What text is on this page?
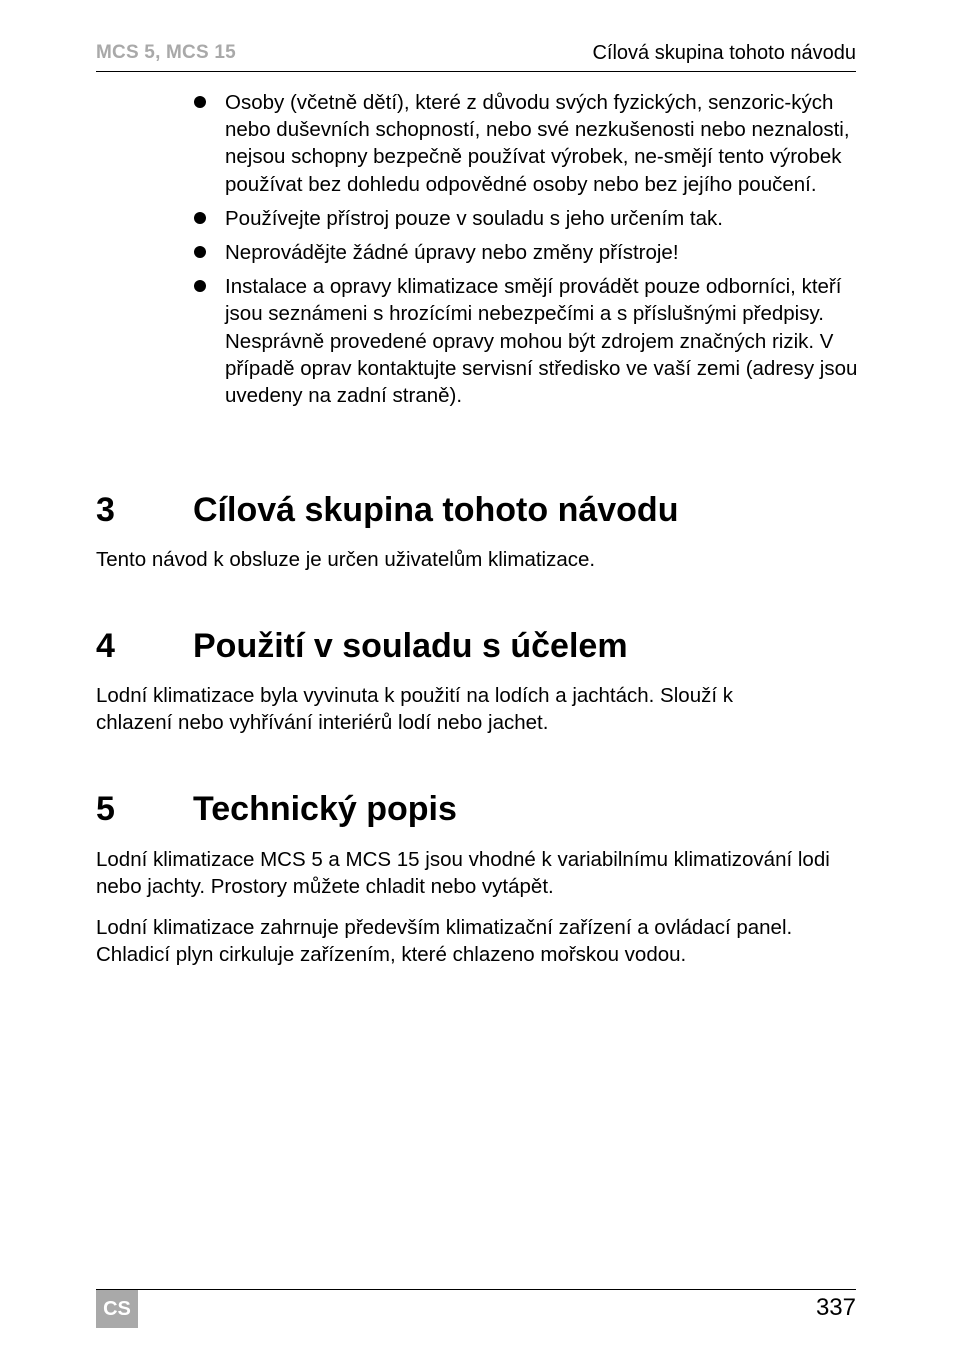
MCS 5, MCS 15	Cílová skupina tohoto návodu
Osoby (včetně dětí), které z důvodu svých fyzických, senzoric-kých nebo duševních schopností, nebo své nezkušenosti nebo neznalosti, nejsou schopny bezpečně používat výrobek, ne-smějí tento výrobek používat bez dohledu odpovědné osoby nebo bez jejího poučení.
Používejte přístroj pouze v souladu s jeho určením tak.
Neprovádějte žádné úpravy nebo změny přístroje!
Instalace a opravy klimatizace smějí provádět pouze odborníci, kteří jsou seznámeni s hrozícími nebezpečími a s příslušnými předpisy. Nesprávně provedené opravy mohou být zdrojem značných rizik. V případě oprav kontaktujte servisní středisko ve vaší zemi (adresy jsou uvedeny na zadní straně).
3 Cílová skupina tohoto návodu

Tento návod k obsluze je určen uživatelům klimatizace.

4 Použití v souladu s účelem

Lodní klimatizace byla vyvinuta k použití na lodích a jachtách. Slouží k chlazení nebo vyhřívání interiérů lodí nebo jachet.

5 Technický popis

Lodní klimatizace MCS 5 a MCS 15 jsou vhodné k variabilnímu klimatizování lodi nebo jachty. Prostory můžete chladit nebo vytápět.

Lodní klimatizace zahrnuje především klimatizační zařízení a ovládací panel. Chladicí plyn cirkuluje zařízením, které chlazeno mořskou vodou.

CS	337
